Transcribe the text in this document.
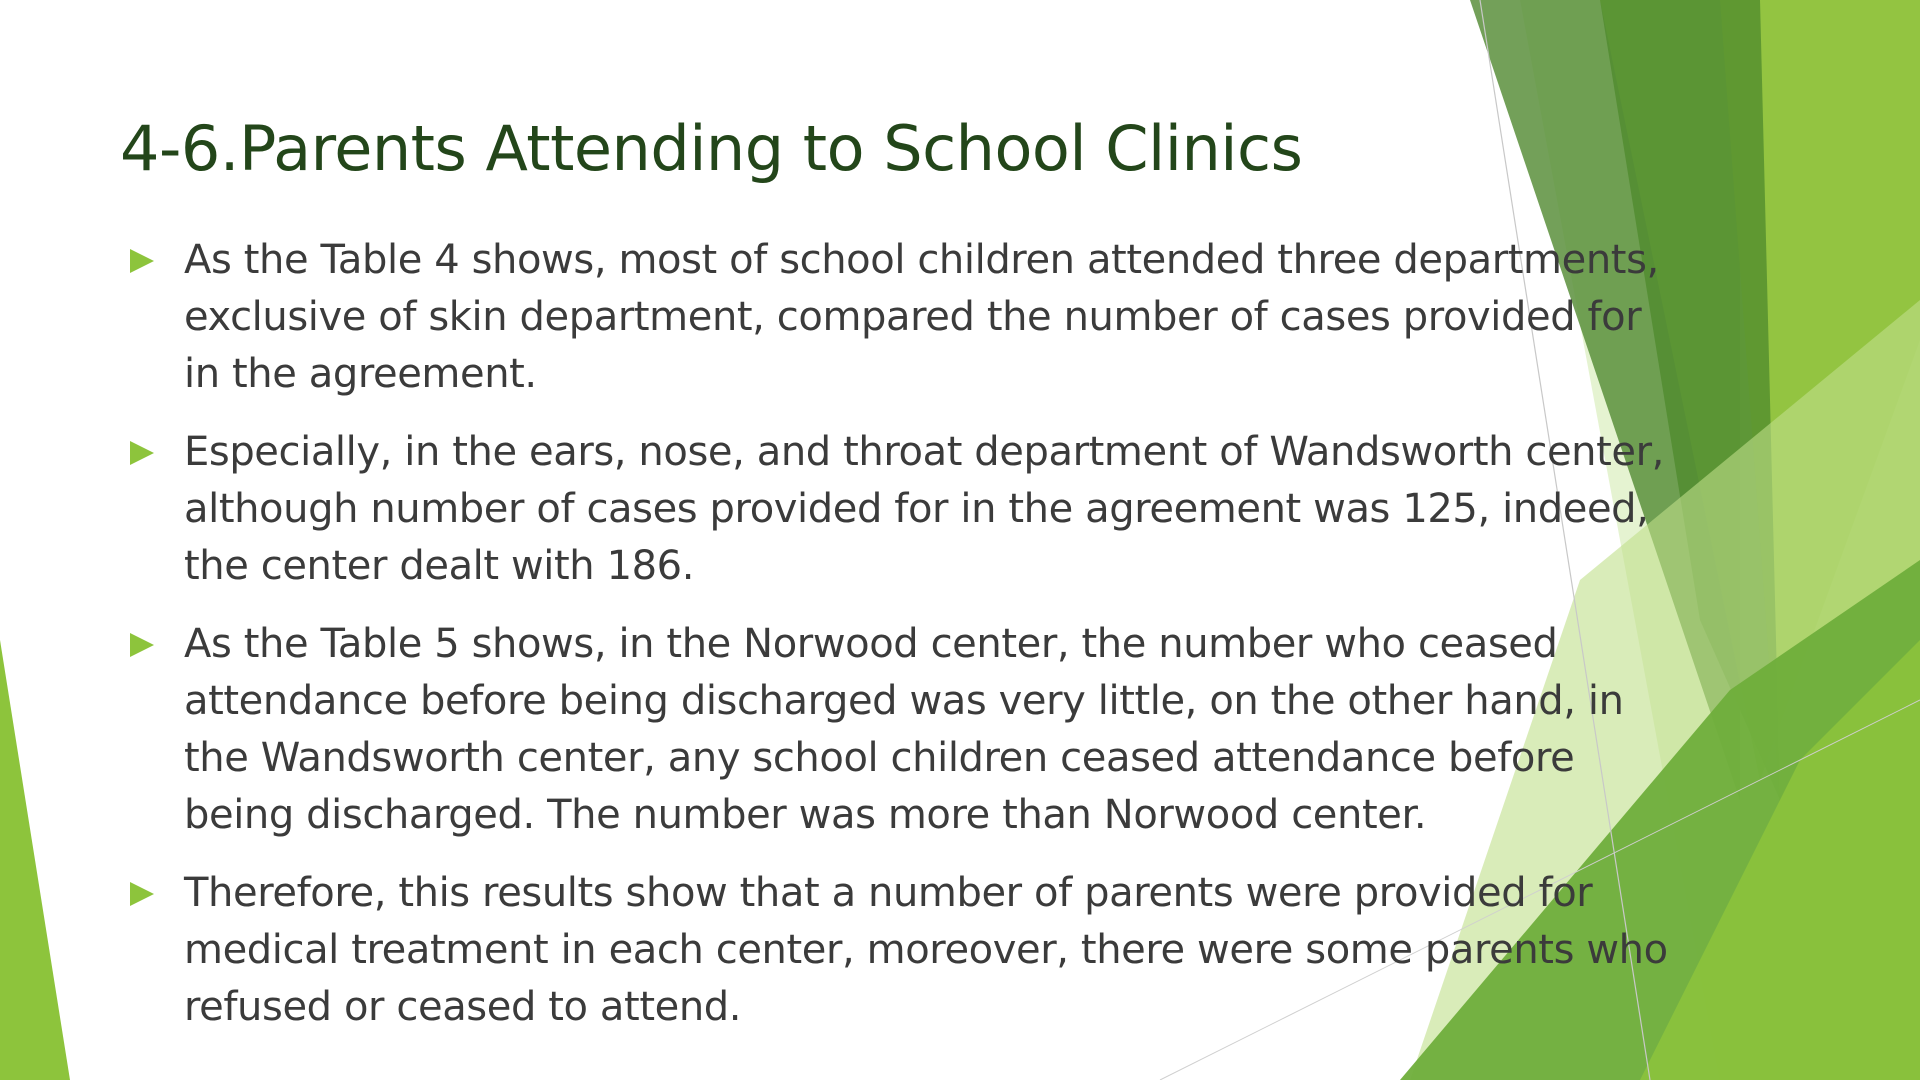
4-6.Parents Attending to School Clinics
As the Table 4 shows, most of school children attended three departments,
exclusive of skin department, compared the number of cases provided for
in the agreement.
Especially, in the ears, nose, and throat department of Wandsworth center,
although number of cases provided for in the agreement was 125, indeed,
the center dealt with 186.
As the Table 5 shows, in the Norwood center, the number who ceased
attendance before being discharged was very little, on the other hand, in
the Wandsworth center, any school children ceased attendance before
being discharged. The number was more than Norwood center.
Therefore, this results show that a number of parents were provided for
medical treatment in each center, moreover, there were some parents who
refused or ceased to attend.
